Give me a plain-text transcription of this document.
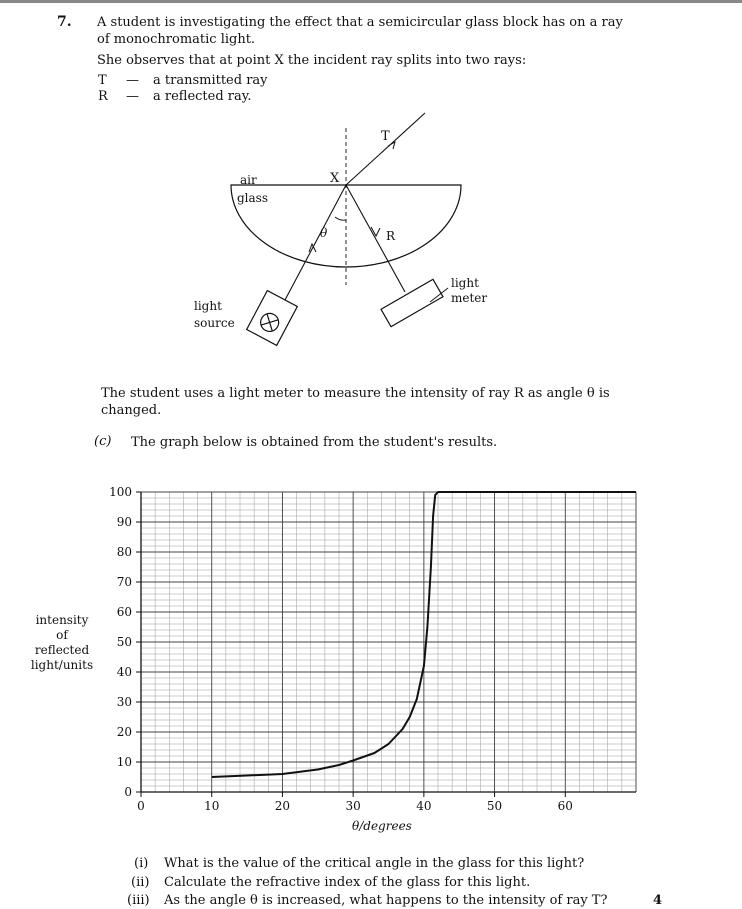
7. A student is investigating the effect that a semicircular glass block has on a ray
of monochromatic light.
She observes that at point X the incident ray splits into two rays:
T — a transmitted ray
R — a reflected ray.
air
glass
X
T
R
θ
light
source
light
meter
The student uses a light meter to measure the intensity of ray R as angle θ is
changed.
(c) The graph below is obtained from the student's results.
0
10
20
30
40
50
60
70
80
90
100
0	10	20	30	40	50	60
intensity
of
reflected
light/units
θ/degrees
(i) What is the value of the critical angle in the glass for this light?
(ii) Calculate the refractive index of the glass for this light.
(iii) As the angle θ is increased, what happens to the intensity of ray T?	4
